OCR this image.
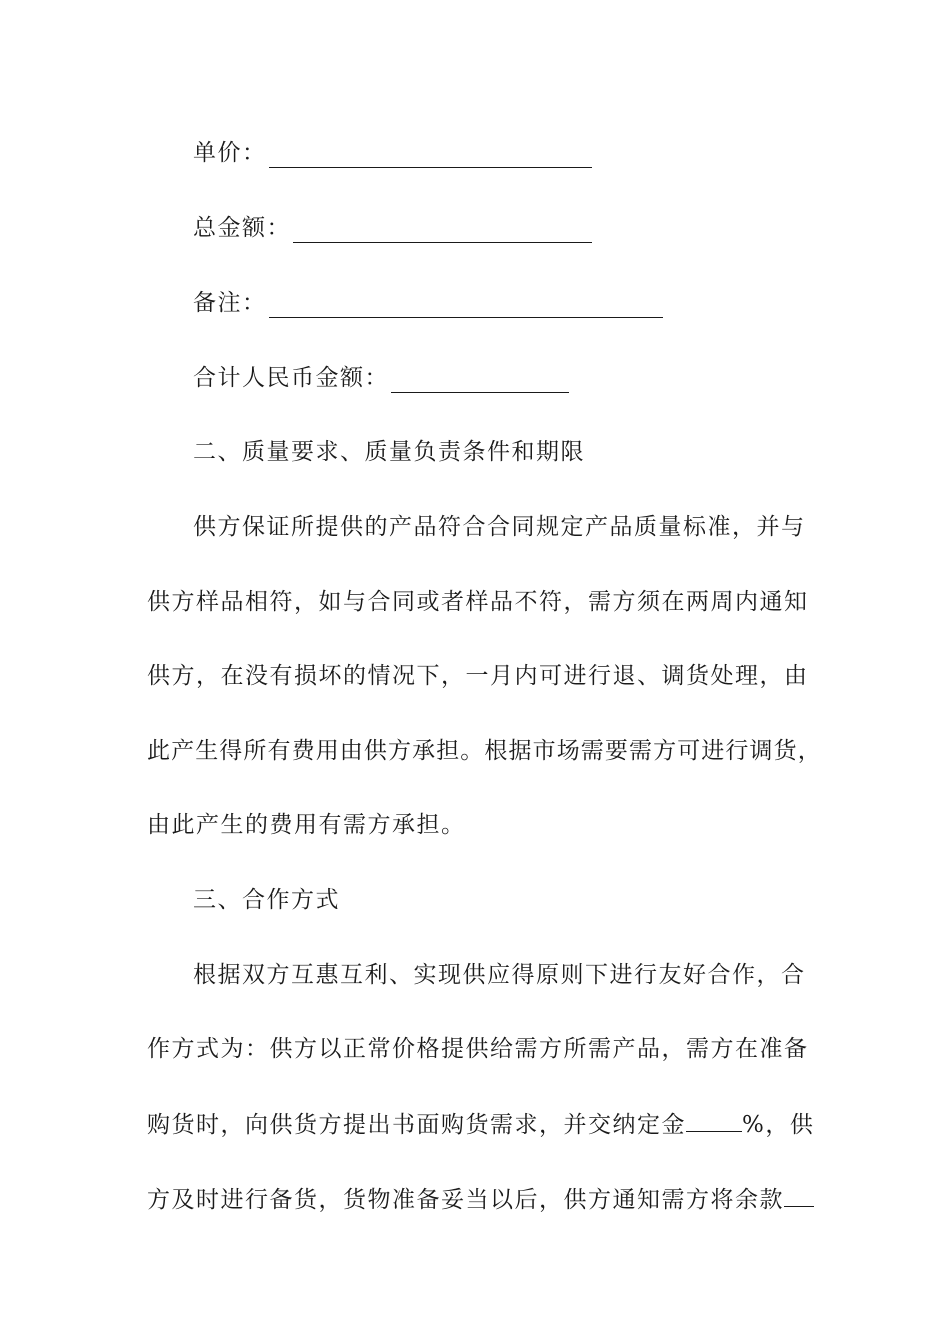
单价：
总金额：
备注：
合计人民币金额：
二、质量要求、质量负责条件和期限
供方保证所提供的产品符合合同规定产品质量标准，并与
供方样品相符，如与合同或者样品不符，需方须在两周内通知
供方，在没有损坏的情况下，一月内可进行退、调货处理，由
此产生得所有费用由供方承担。根据市场需要需方可进行调货，
由此产生的费用有需方承担。
三、合作方式
根据双方互惠互利、实现供应得原则下进行友好合作，合
作方式为：供方以正常价格提供给需方所需产品，需方在准备
购货时，向供货方提出书面购货需求，并交纳定金 %，供
方及时进行备货，货物准备妥当以后，供方通知需方将余款
